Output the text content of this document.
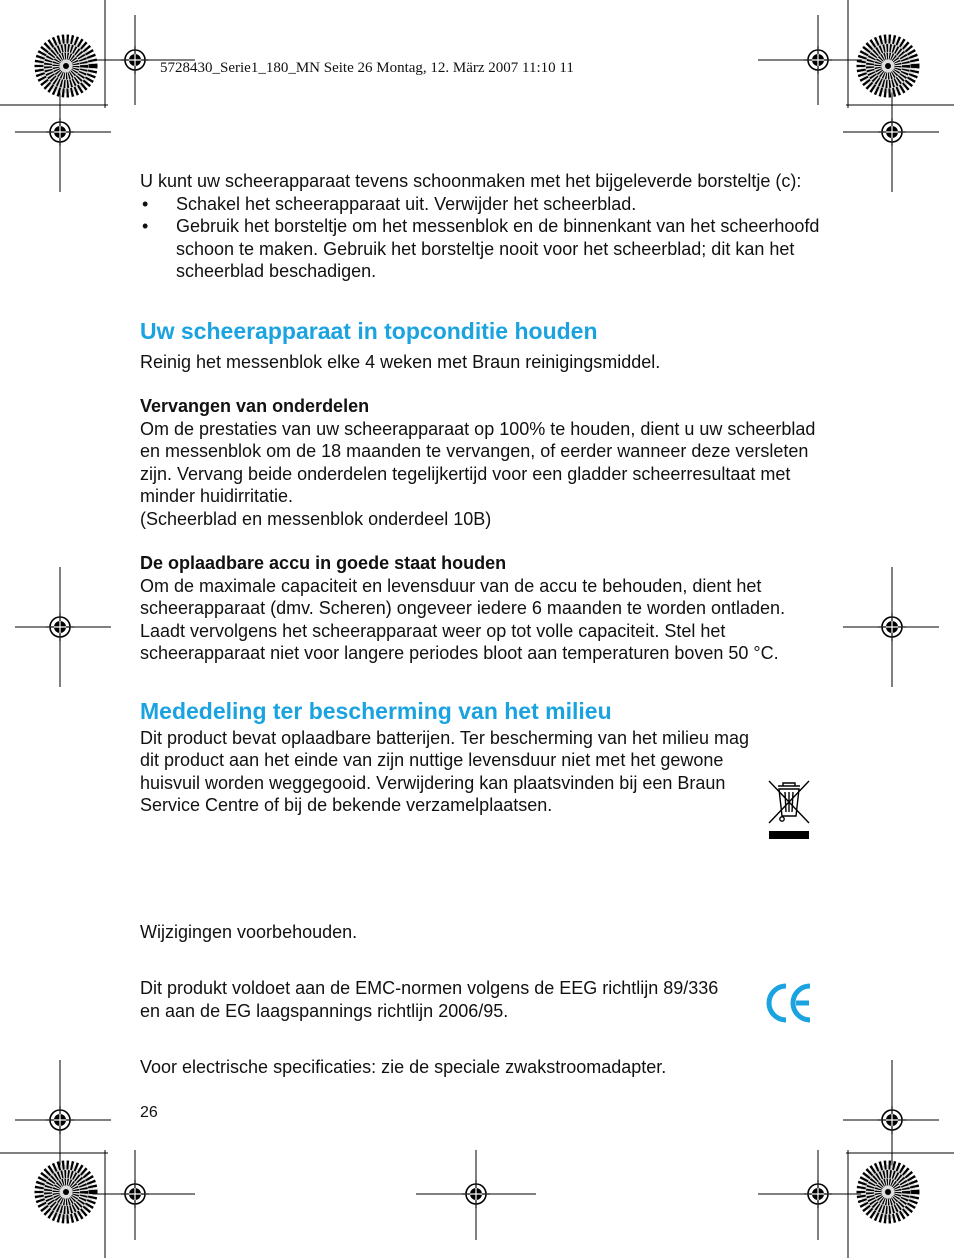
5728430_Serie1_180_MN Seite 26 Montag, 12. März 2007 11:10 11

U kunt uw scheerapparaat tevens schoonmaken met het bijgeleverde borsteltje (c):

• Schakel het scheerapparaat uit. Verwijder het scheerblad.
• Gebruik het borsteltje om het messenblok en de binnenkant van het scheerhoofd schoon te maken. Gebruik het borsteltje nooit voor het scheerblad; dit kan het scheerblad beschadigen.
Uw scheerapparaat in topconditie houden

Reinig het messenblok elke 4 weken met Braun reinigingsmiddel.

Vervangen van onderdelen

Om de prestaties van uw scheerapparaat op 100% te houden, dient u uw scheerblad en messenblok om de 18 maanden te vervangen, of eerder wanneer deze versleten zijn. Vervang beide onderdelen tegelijkertijd voor een gladder scheerresultaat met minder huidirritatie.

(Scheerblad en messenblok onderdeel 10B)

De oplaadbare accu in goede staat houden

Om de maximale capaciteit en levensduur van de accu te behouden, dient het scheerapparaat (dmv. Scheren) ongeveer iedere 6 maanden te worden ontladen. Laadt vervolgens het scheerapparaat weer op tot volle capaciteit. Stel het scheerapparaat niet voor langere periodes bloot aan temperaturen boven 50 °C.

Mededeling ter bescherming van het milieu

Dit product bevat oplaadbare batterijen. Ter bescherming van het milieu mag dit product aan het einde van zijn nuttige levensduur niet met het gewone huisvuil worden weggegooid. Verwijdering kan plaatsvinden bij een Braun Service Centre of bij de bekende verzamelplaatsen.

Wijzigingen voorbehouden.
Dit produkt voldoet aan de EMC-normen volgens de EEG richtlijn 89/336 en aan de EG laagspannings richtlijn 2006/95.
Voor electrische specificaties: zie de speciale zwakstroomadapter.
26
